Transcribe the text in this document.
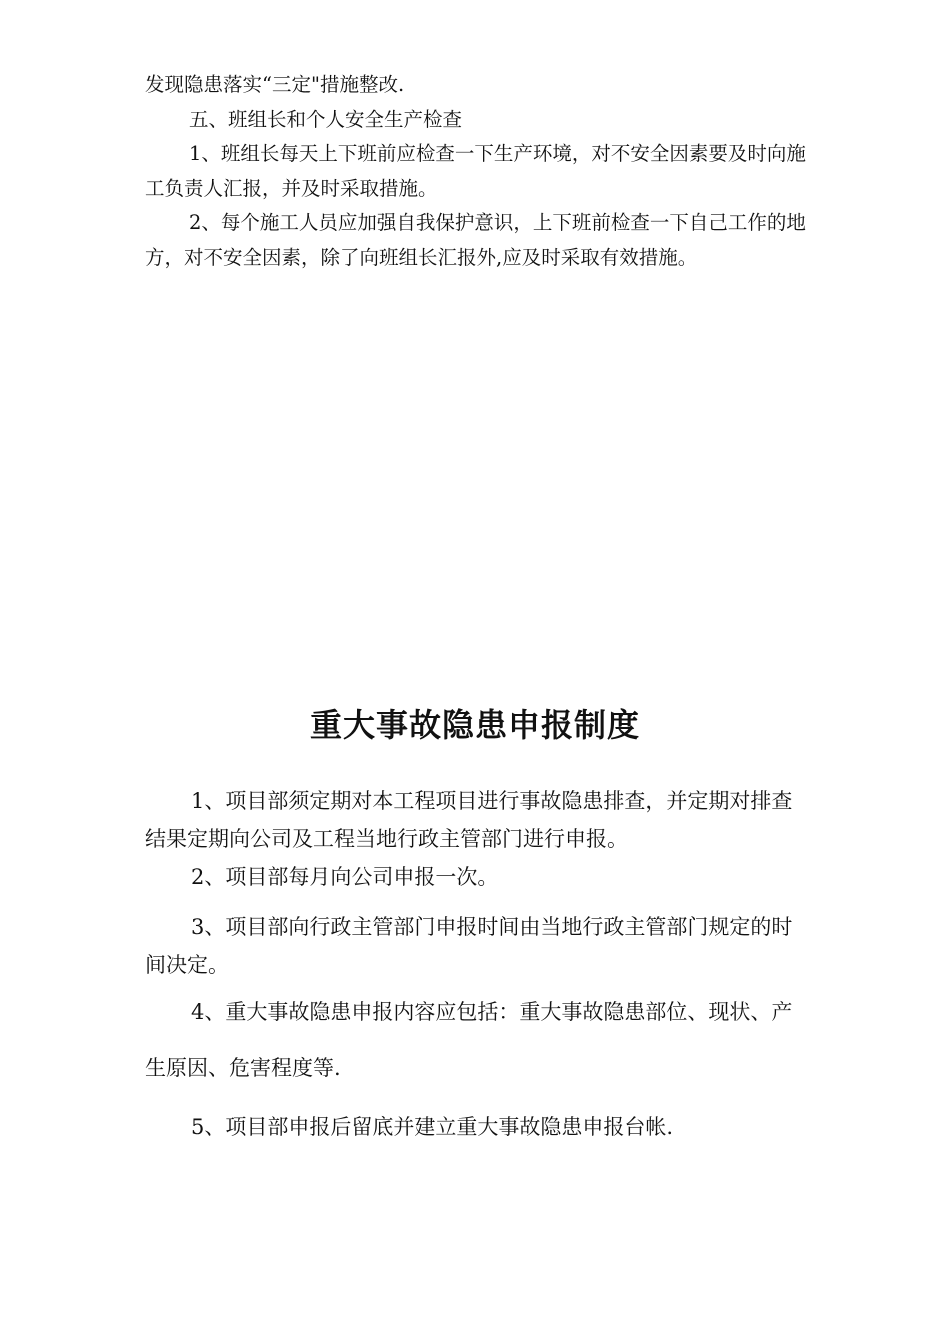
发现隐患落实“三定"措施整改.

五、班组长和个人安全生产检查

1、班组长每天上下班前应检查一下生产环境，对不安全因素要及时向施工负责人汇报，并及时采取措施。

2、每个施工人员应加强自我保护意识，上下班前检查一下自己工作的地方，对不安全因素，除了向班组长汇报外,应及时采取有效措施。

重大事故隐患申报制度

1、项目部须定期对本工程项目进行事故隐患排查，并定期对排查结果定期向公司及工程当地行政主管部门进行申报。

2、项目部每月向公司申报一次。

3、项目部向行政主管部门申报时间由当地行政主管部门规定的时间决定。

4、重大事故隐患申报内容应包括：重大事故隐患部位、现状、产生原因、危害程度等.

5、项目部申报后留底并建立重大事故隐患申报台帐.
